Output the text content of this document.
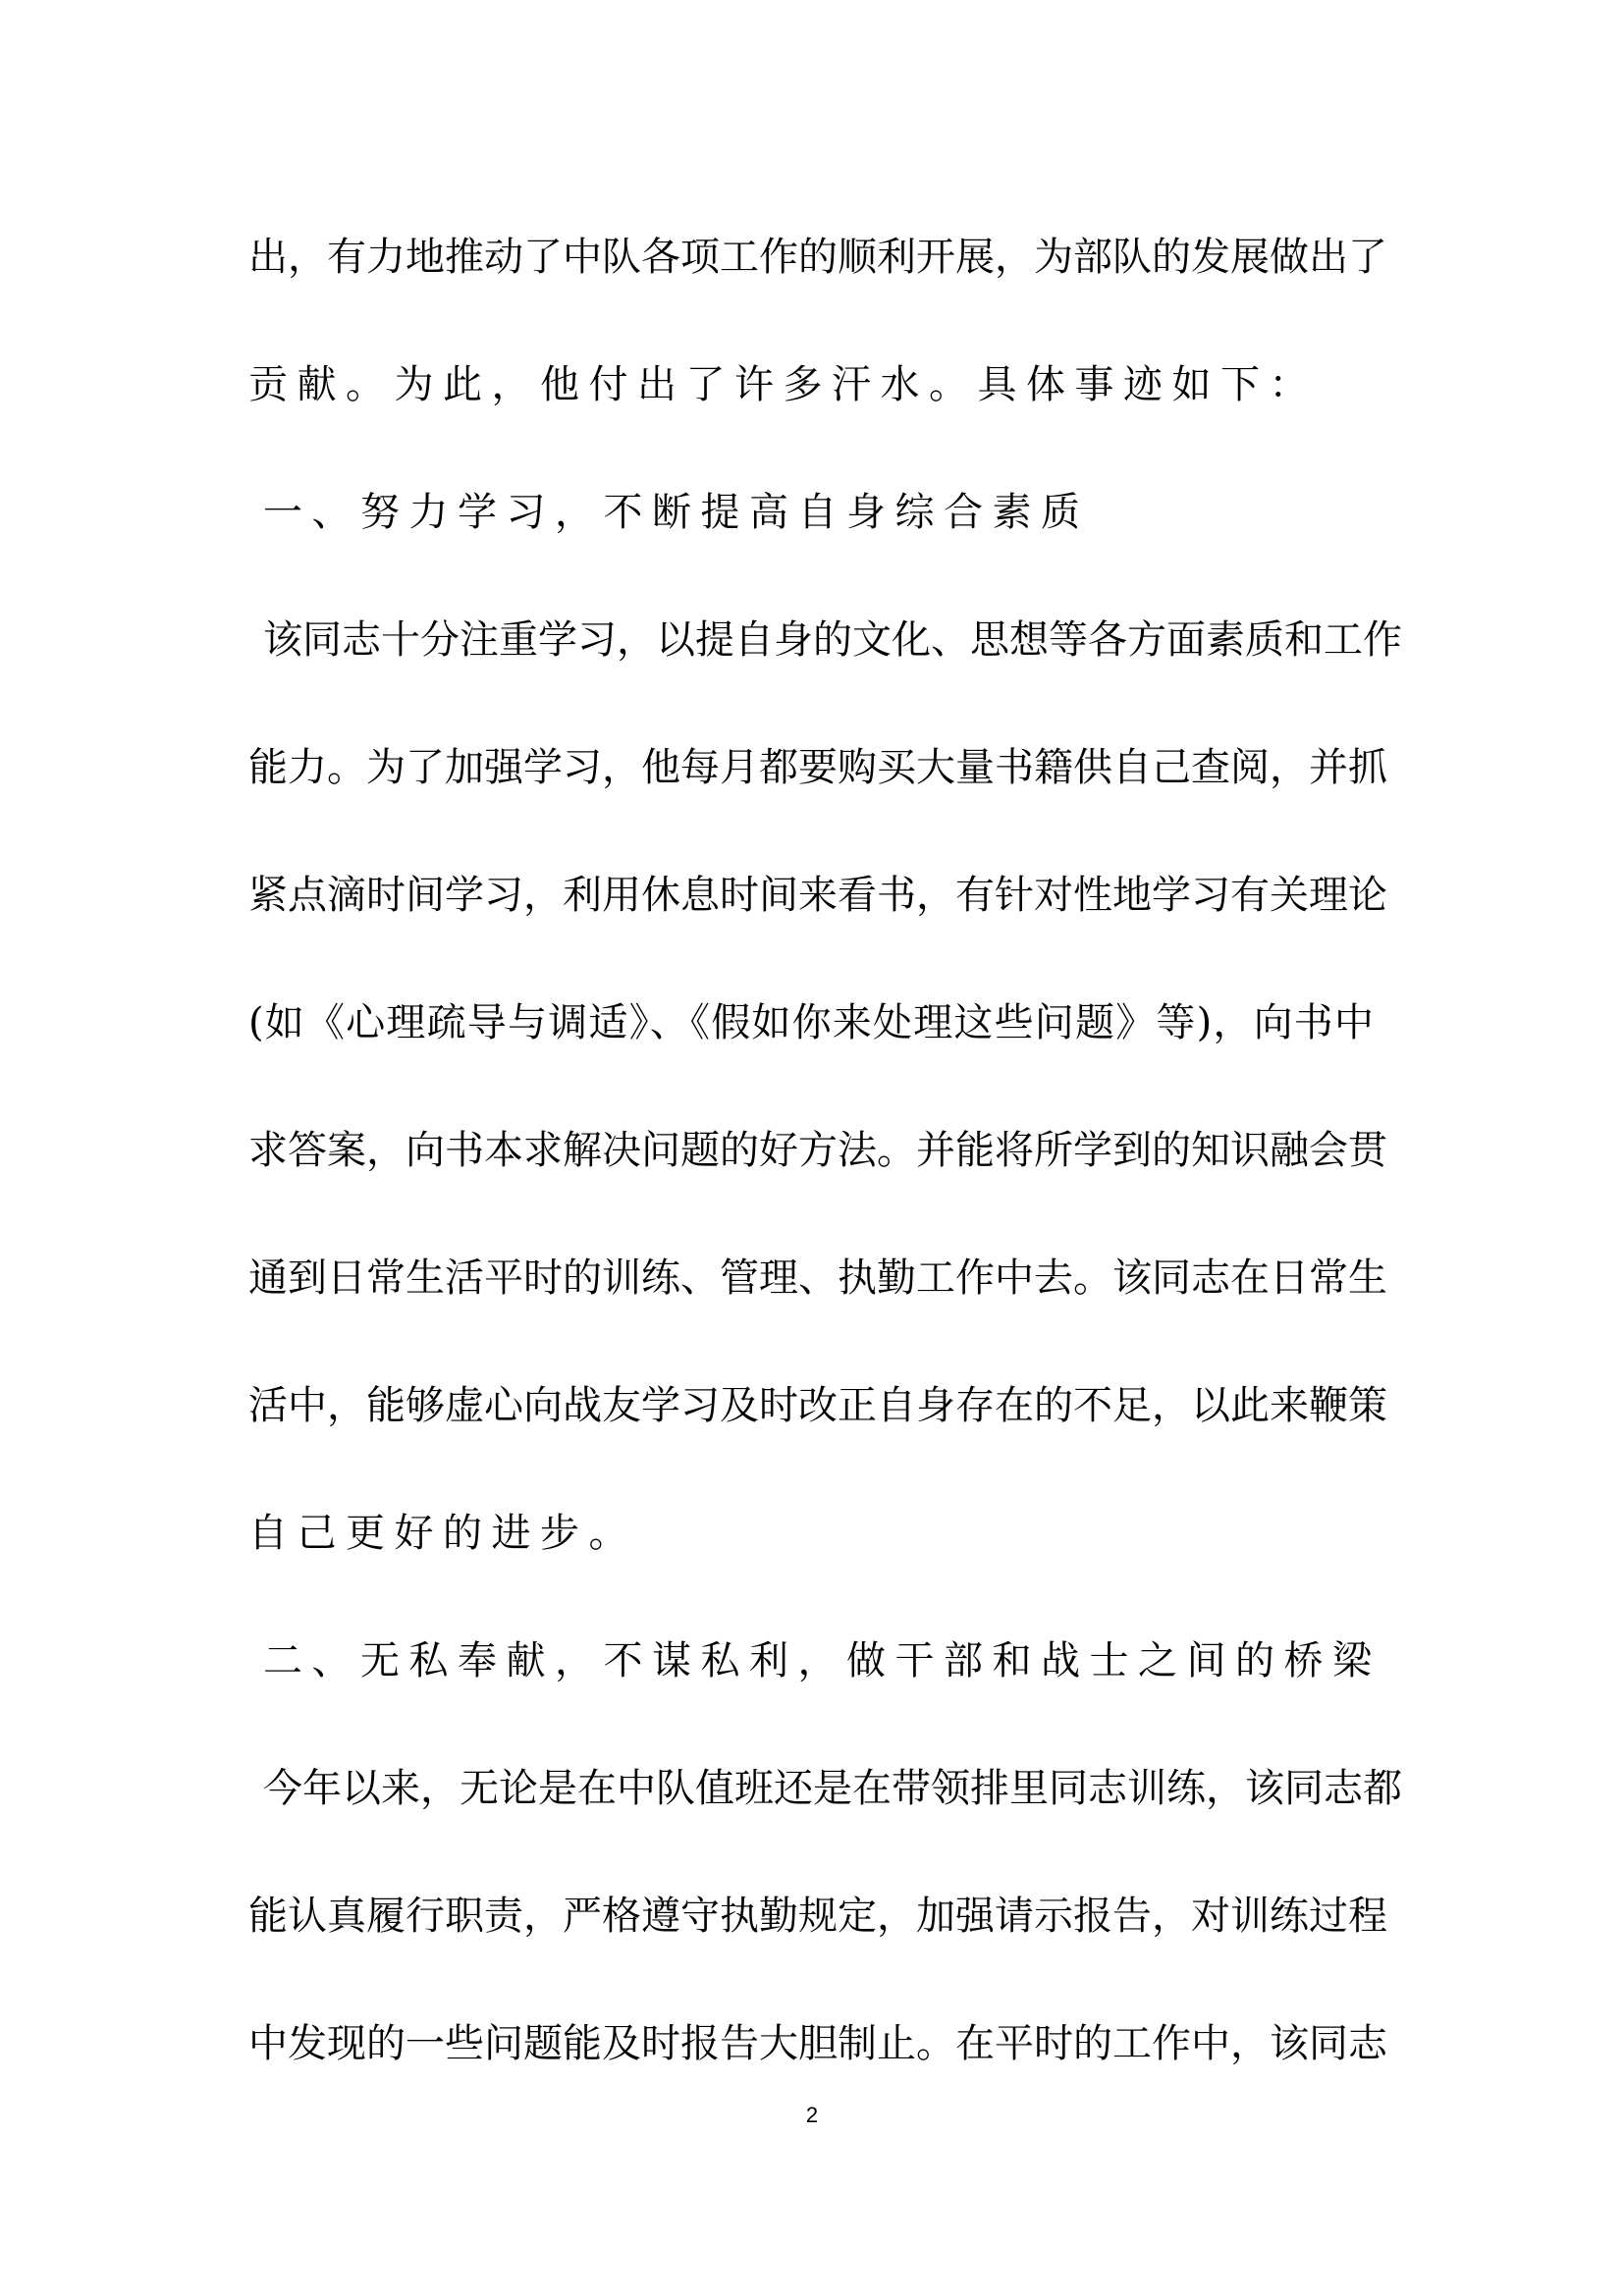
出，有力地推动了中队各项工作的顺利开展，为部队的发展做出了
贡献。为此，他付出了许多汗水。具体事迹如下：
一、努力学习，不断提高自身综合素质
该同志十分注重学习，以提自身的文化、思想等各方面素质和工作
能力。为了加强学习，他每月都要购买大量书籍供自己查阅，并抓
紧点滴时间学习，利用休息时间来看书，有针对性地学习有关理论
(如《心理疏导与调适》、《假如你来处理这些问题》等)，向书中
求答案，向书本求解决问题的好方法。并能将所学到的知识融会贯
通到日常生活平时的训练、管理、执勤工作中去。该同志在日常生
活中，能够虚心向战友学习及时改正自身存在的不足，以此来鞭策
自己更好的进步。
二、无私奉献，不谋私利，做干部和战士之间的桥梁
今年以来，无论是在中队值班还是在带领排里同志训练，该同志都
能认真履行职责，严格遵守执勤规定，加强请示报告，对训练过程
中发现的一些问题能及时报告大胆制止。在平时的工作中，该同志
2
